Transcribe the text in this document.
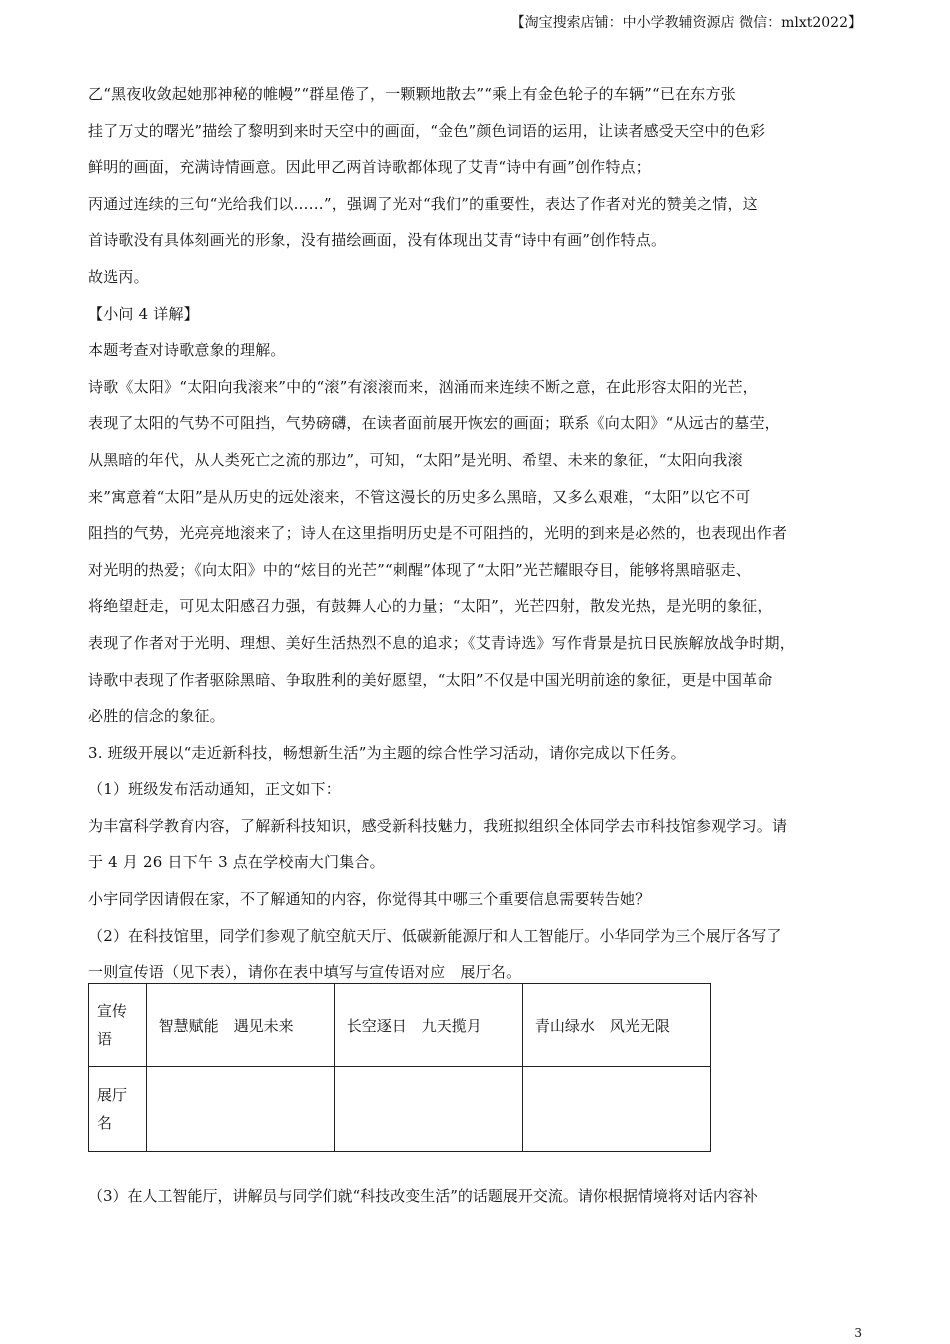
【淘宝搜索店铺：中小学教辅资源店 微信：mlxt2022】
乙“黑夜收敛起她那神秘的帷幔”“群星倦了，一颗颗地散去”“乘上有金色轮子的车辆”“已在东方张
挂了万丈的曙光”描绘了黎明到来时天空中的画面，“金色”颜色词语的运用，让读者感受天空中的色彩
鲜明的画面，充满诗情画意。因此甲乙两首诗歌都体现了艾青“诗中有画”创作特点；
丙通过连续的三句“光给我们以……”，强调了光对“我们”的重要性，表达了作者对光的赞美之情，这
首诗歌没有具体刻画光的形象，没有描绘画面，没有体现出艾青“诗中有画”创作特点。
故选丙。
【小问 4 详解】
本题考查对诗歌意象的理解。
诗歌《太阳》“太阳向我滚来”中的“滚”有滚滚而来，汹涌而来连续不断之意，在此形容太阳的光芒，
表现了太阳的气势不可阻挡，气势磅礴，在读者面前展开恢宏的画面；联系《向太阳》“从远古的墓茔，
从黑暗的年代，从人类死亡之流的那边”，可知，“太阳”是光明、希望、未来的象征，“太阳向我滚
来”寓意着“太阳”是从历史的远处滚来，不管这漫长的历史多么黑暗，又多么艰难，“太阳”以它不可
阻挡的气势，光亮亮地滚来了；诗人在这里指明历史是不可阻挡的，光明的到来是必然的，也表现出作者
对光明的热爱；《向太阳》中的“炫目的光芒”“刺醒”体现了“太阳”光芒耀眼夺目，能够将黑暗驱走、
将绝望赶走，可见太阳感召力强，有鼓舞人心的力量；“太阳”，光芒四射，散发光热，是光明的象征，
表现了作者对于光明、理想、美好生活热烈不息的追求；《艾青诗选》写作背景是抗日民族解放战争时期，
诗歌中表现了作者驱除黑暗、争取胜利的美好愿望，“太阳”不仅是中国光明前途的象征，更是中国革命
必胜的信念的象征。
3. 班级开展以“走近新科技，畅想新生活”为主题的综合性学习活动，请你完成以下任务。
（1）班级发布活动通知，正文如下：
为丰富科学教育内容，了解新科技知识，感受新科技魅力，我班拟组织全体同学去市科技馆参观学习。请
于 4 月 26 日下午 3 点在学校南大门集合。
小宇同学因请假在家，不了解通知的内容，你觉得其中哪三个重要信息需要转告她？
（2）在科技馆里，同学们参观了航空航天厅、低碳新能源厅和人工智能厅。小华同学为三个展厅各写了
一则宣传语（见下表），请你在表中填写与宣传语对应　展厅名。
宣传语	智慧赋能　遇见未来	长空逐日　九天揽月	青山绿水　风光无限
展厅名			
（3）在人工智能厅，讲解员与同学们就“科技改变生活”的话题展开交流。请你根据情境将对话内容补
3
